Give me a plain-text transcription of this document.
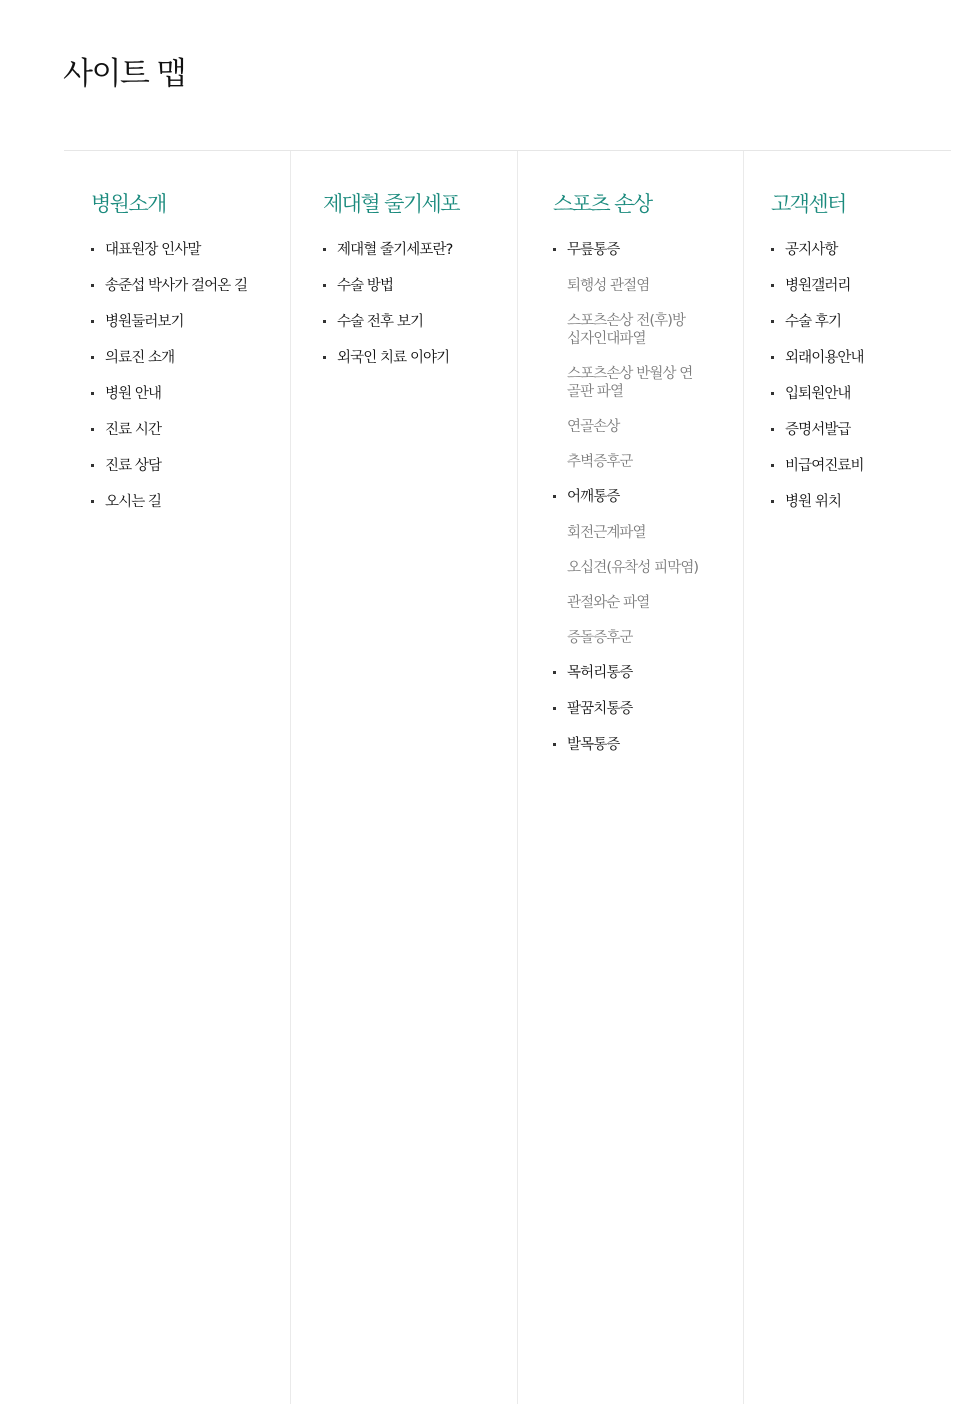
사이트 맵
병원소개
대표원장 인사말
송준섭 박사가 걸어온 길
병원둘러보기
의료진 소개
병원 안내
진료 시간
진료 상담
오시는 길
제대혈 줄기세포
제대혈 줄기세포란?
수술 방법
수술 전후 보기
외국인 치료 이야기
스포츠 손상
무릎통증
퇴행성 관절염
스포츠손상 전(후)방 십자인대파열
스포츠손상 반월상 연골판 파열
연골손상
추벽증후군
어깨통증
회전근계파열
오십견(유착성 피막염)
관절와순 파열
증돌증후군
목허리통증
팔꿈치통증
발목통증
고객센터
공지사항
병원갤러리
수술 후기
외래이용안내
입퇴원안내
증명서발급
비급여진료비
병원 위치
